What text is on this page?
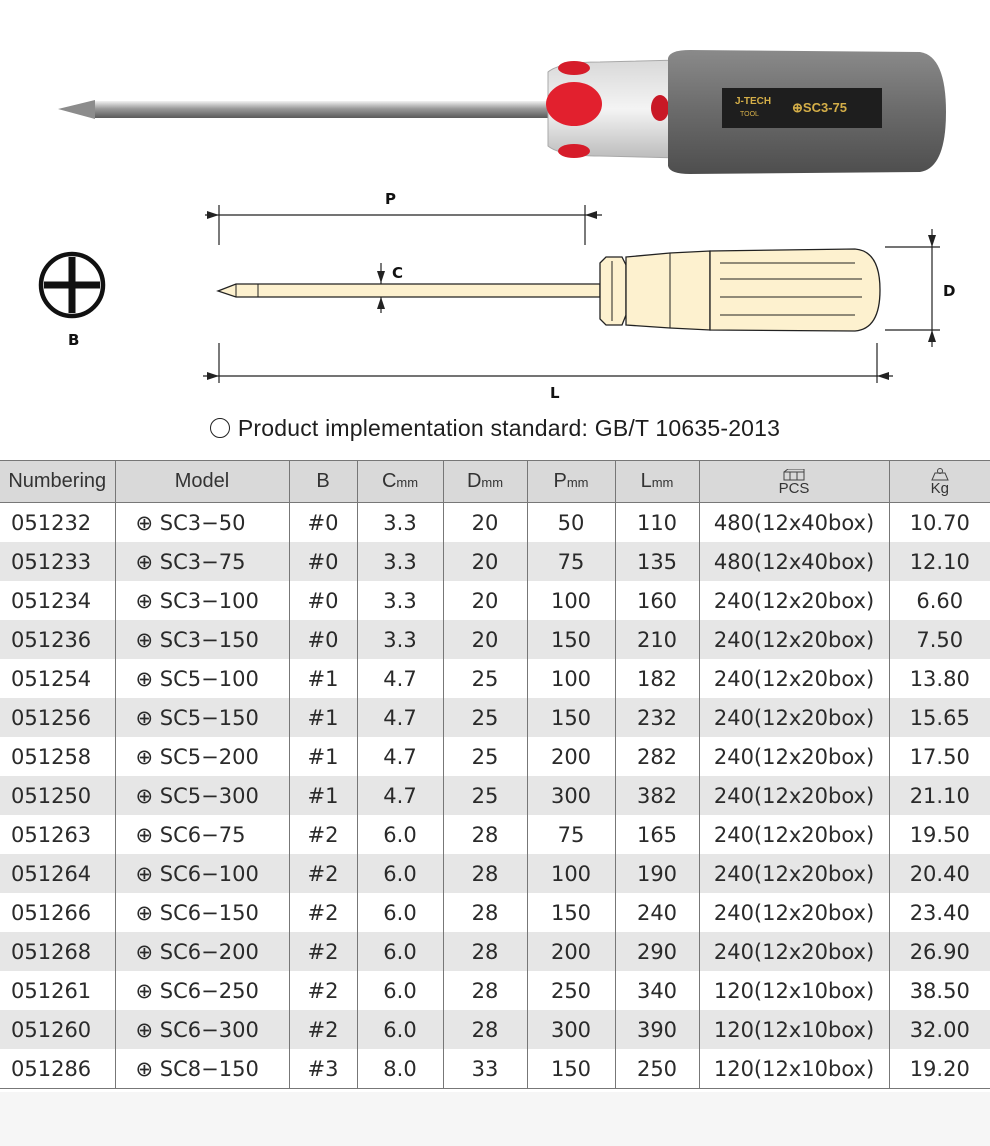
J-TECH
TOOL	⊕SC3-75
B
P
C
D
L
Product implementation standard: GB/T 10635-2013
Numbering	Model	B	Cmm	Dmm	Pmm	Lmm	PCS	Kg

051232	⊕ SC3−50	#0	3.3	20	50	110	480(12x40box)	10.70
051233	⊕ SC3−75	#0	3.3	20	75	135	480(12x40box)	12.10
051234	⊕ SC3−100	#0	3.3	20	100	160	240(12x20box)	6.60
051236	⊕ SC3−150	#0	3.3	20	150	210	240(12x20box)	7.50
051254	⊕ SC5−100	#1	4.7	25	100	182	240(12x20box)	13.80
051256	⊕ SC5−150	#1	4.7	25	150	232	240(12x20box)	15.65
051258	⊕ SC5−200	#1	4.7	25	200	282	240(12x20box)	17.50
051250	⊕ SC5−300	#1	4.7	25	300	382	240(12x20box)	21.10
051263	⊕ SC6−75	#2	6.0	28	75	165	240(12x20box)	19.50
051264	⊕ SC6−100	#2	6.0	28	100	190	240(12x20box)	20.40
051266	⊕ SC6−150	#2	6.0	28	150	240	240(12x20box)	23.40
051268	⊕ SC6−200	#2	6.0	28	200	290	240(12x20box)	26.90
051261	⊕ SC6−250	#2	6.0	28	250	340	120(12x10box)	38.50
051260	⊕ SC6−300	#2	6.0	28	300	390	120(12x10box)	32.00
051286	⊕ SC8−150	#3	8.0	33	150	250	120(12x10box)	19.20
